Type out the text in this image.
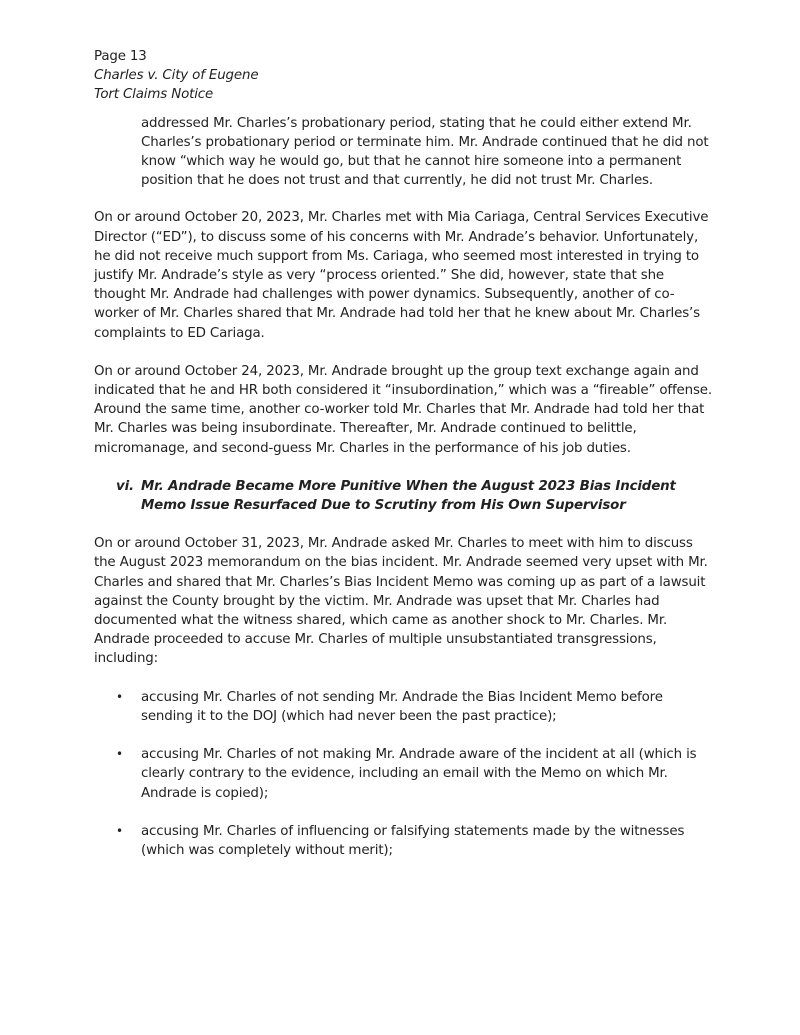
Page 13
Charles v. City of Eugene
Tort Claims Notice

addressed Mr. Charles’s probationary period, stating that he could either extend Mr. Charles’s probationary period or terminate him. Mr. Andrade continued that he did not know “which way he would go, but that he cannot hire someone into a permanent position that he does not trust and that currently, he did not trust Mr. Charles.

On or around October 20, 2023, Mr. Charles met with Mia Cariaga, Central Services Executive Director (“ED”), to discuss some of his concerns with Mr. Andrade’s behavior. Unfortunately, he did not receive much support from Ms. Cariaga, who seemed most interested in trying to justify Mr. Andrade’s style as very “process oriented.” She did, however, state that she thought Mr. Andrade had challenges with power dynamics. Subsequently, another of co-worker of Mr. Charles shared that Mr. Andrade had told her that he knew about Mr. Charles’s complaints to ED Cariaga.

On or around October 24, 2023, Mr. Andrade brought up the group text exchange again and indicated that he and HR both considered it “insubordination,” which was a “fireable” offense. Around the same time, another co-worker told Mr. Charles that Mr. Andrade had told her that Mr. Charles was being insubordinate. Thereafter, Mr. Andrade continued to belittle, micromanage, and second-guess Mr. Charles in the performance of his job duties.

vi. Mr. Andrade Became More Punitive When the August 2023 Bias Incident Memo Issue Resurfaced Due to Scrutiny from His Own Supervisor

On or around October 31, 2023, Mr. Andrade asked Mr. Charles to meet with him to discuss the August 2023 memorandum on the bias incident. Mr. Andrade seemed very upset with Mr. Charles and shared that Mr. Charles’s Bias Incident Memo was coming up as part of a lawsuit against the County brought by the victim. Mr. Andrade was upset that Mr. Charles had documented what the witness shared, which came as another shock to Mr. Charles. Mr. Andrade proceeded to accuse Mr. Charles of multiple unsubstantiated transgressions, including:

•	accusing Mr. Charles of not sending Mr. Andrade the Bias Incident Memo before sending it to the DOJ (which had never been the past practice);
•	accusing Mr. Charles of not making Mr. Andrade aware of the incident at all (which is clearly contrary to the evidence, including an email with the Memo on which Mr. Andrade is copied);
•	accusing Mr. Charles of influencing or falsifying statements made by the witnesses (which was completely without merit);
